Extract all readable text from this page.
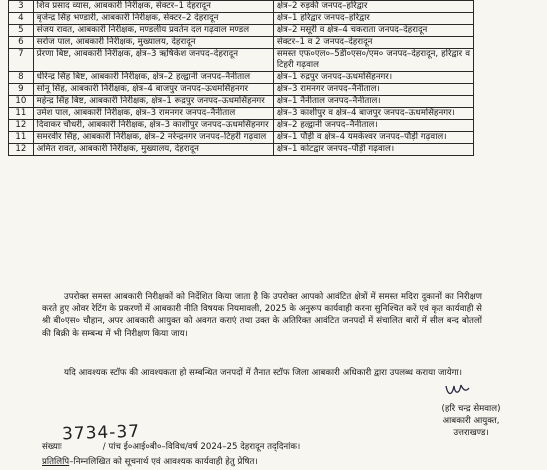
3	शिव प्रसाद व्यास, आबकारी निरीक्षक, सेक्टर–1 देहरादून	क्षेत्र–2 रुड़की जनपद–हरिद्वार
4	बृजेन्द्र सिंह भण्डारी, आबकारी निरीक्षक, सेक्टर–2 देहरादून	क्षेत्र–1 हरिद्वार जनपद–हरिद्वार
5	संजय रावत, आबकारी निरीक्षक, मण्डलीय प्रवर्तन दल गढ़वाल मण्डल	क्षेत्र–2 मसूरी व क्षेत्र–4 चकराता जनपद–देहरादून
6	सरोज पाल, आबकारी निरीक्षक, मुख्यालय, देहरादून	सेक्टर–1 व 2 जनपद–देहरादून
7	प्रेरणा बिष्ट, आबकारी निरीक्षक, क्षेत्र–3 ऋषिकेश जनपद–देहरादून	समस्त एफ०एल०–5डी०एस०/एम० जनपद–देहरादून, हरिद्वार व टिहरी गढ़वाल
8	धीरेन्द्र सिंह बिष्ट, आबकारी निरीक्षक, क्षेत्र–2 हल्द्वानी जनपद–नैनीताल	क्षेत्र–1 रुद्रपुर जनपद–ऊधमसिंहनगर।
9	सोनू सिंह, आबकारी निरीक्षक, क्षेत्र–4 बाजपुर जनपद–ऊधमसिंहनगर	क्षेत्र–3 रामनगर जनपद–नैनीताल।
10	महेन्द्र सिंह बिष्ट, आबकारी निरीक्षक, क्षेत्र–1 रूद्रपुर जनपद–ऊधमसिंहनगर	क्षेत्र–1 नैनीताल जनपद–नैनीताल।
11	उमेश पाल, आबकारी निरीक्षक, क्षेत्र–3 रामनगर जनपद–नैनीताल	क्षेत्र–3 काशीपुर व क्षेत्र–4 बाजपुर जनपद–ऊधमसिंहनगर।
12	दिवाकर चौधरी, आबकारी निरीक्षक, क्षेत्र–3 काशीपुर जनपद–ऊधमसिंहनगर	क्षेत्र–2 हल्द्वानी जनपद–नैनीताल।
11	समरवीर सिंह, आबकारी निरीक्षक, क्षेत्र–2 नरेन्द्रनगर जनपद–टिहरी गढ़वाल	क्षेत्र–1 पौड़ी व क्षेत्र–4 यमकेश्वर जनपद–पौड़ी गढ़वाल।
12	अमित रावत, आबकारी निरीक्षक, मुख्यालय, देहरादून	क्षेत्र–1 कोटद्वार जनपद–पौड़ी गढ़वाल।
उपरोक्त समस्त आबकारी निरीक्षकों को निर्देशित किया जाता है कि उपरोक्त आपको आवंटित क्षेत्रों में समस्त मदिरा दुकानों का निरीक्षण करते हुए ओवर रेटिंग के प्रकरणों में आबकारी नीति विषयक नियमावली, 2025 के अनुरूप कार्यवाही करना सुनिश्चित करें एवं कृत कार्यवाही से श्री बी०एस० चौहान, अपर आबकारी आयुक्त को अवगत कराएं तथा उक्त के अतिरिक्त आवंटित जनपदों में संचालित बारों में सील बन्द बोतलों की बिक्री के सम्बन्ध में भी निरीक्षण किया जाय।
यदि आवश्यक स्टॉफ की आवश्यकता हो सम्बन्धित जनपदों में तैनात स्टॉफ जिला आबकारी अधिकारी द्वारा उपलब्ध कराया जायेगा।
(हरि चन्द्र सेमवाल)
आबकारी आयुक्त,
उत्तराखण्ड।
3734-37
संख्याः	/ पांच ई०आई०बी०–विविध/वर्ष 2024–25 देहरादून तद्‌दिनांक।
प्रतिलिपि–निम्नलिखित को सूचनार्थ एवं आवश्यक कार्यवाही हेतु प्रेषित।
